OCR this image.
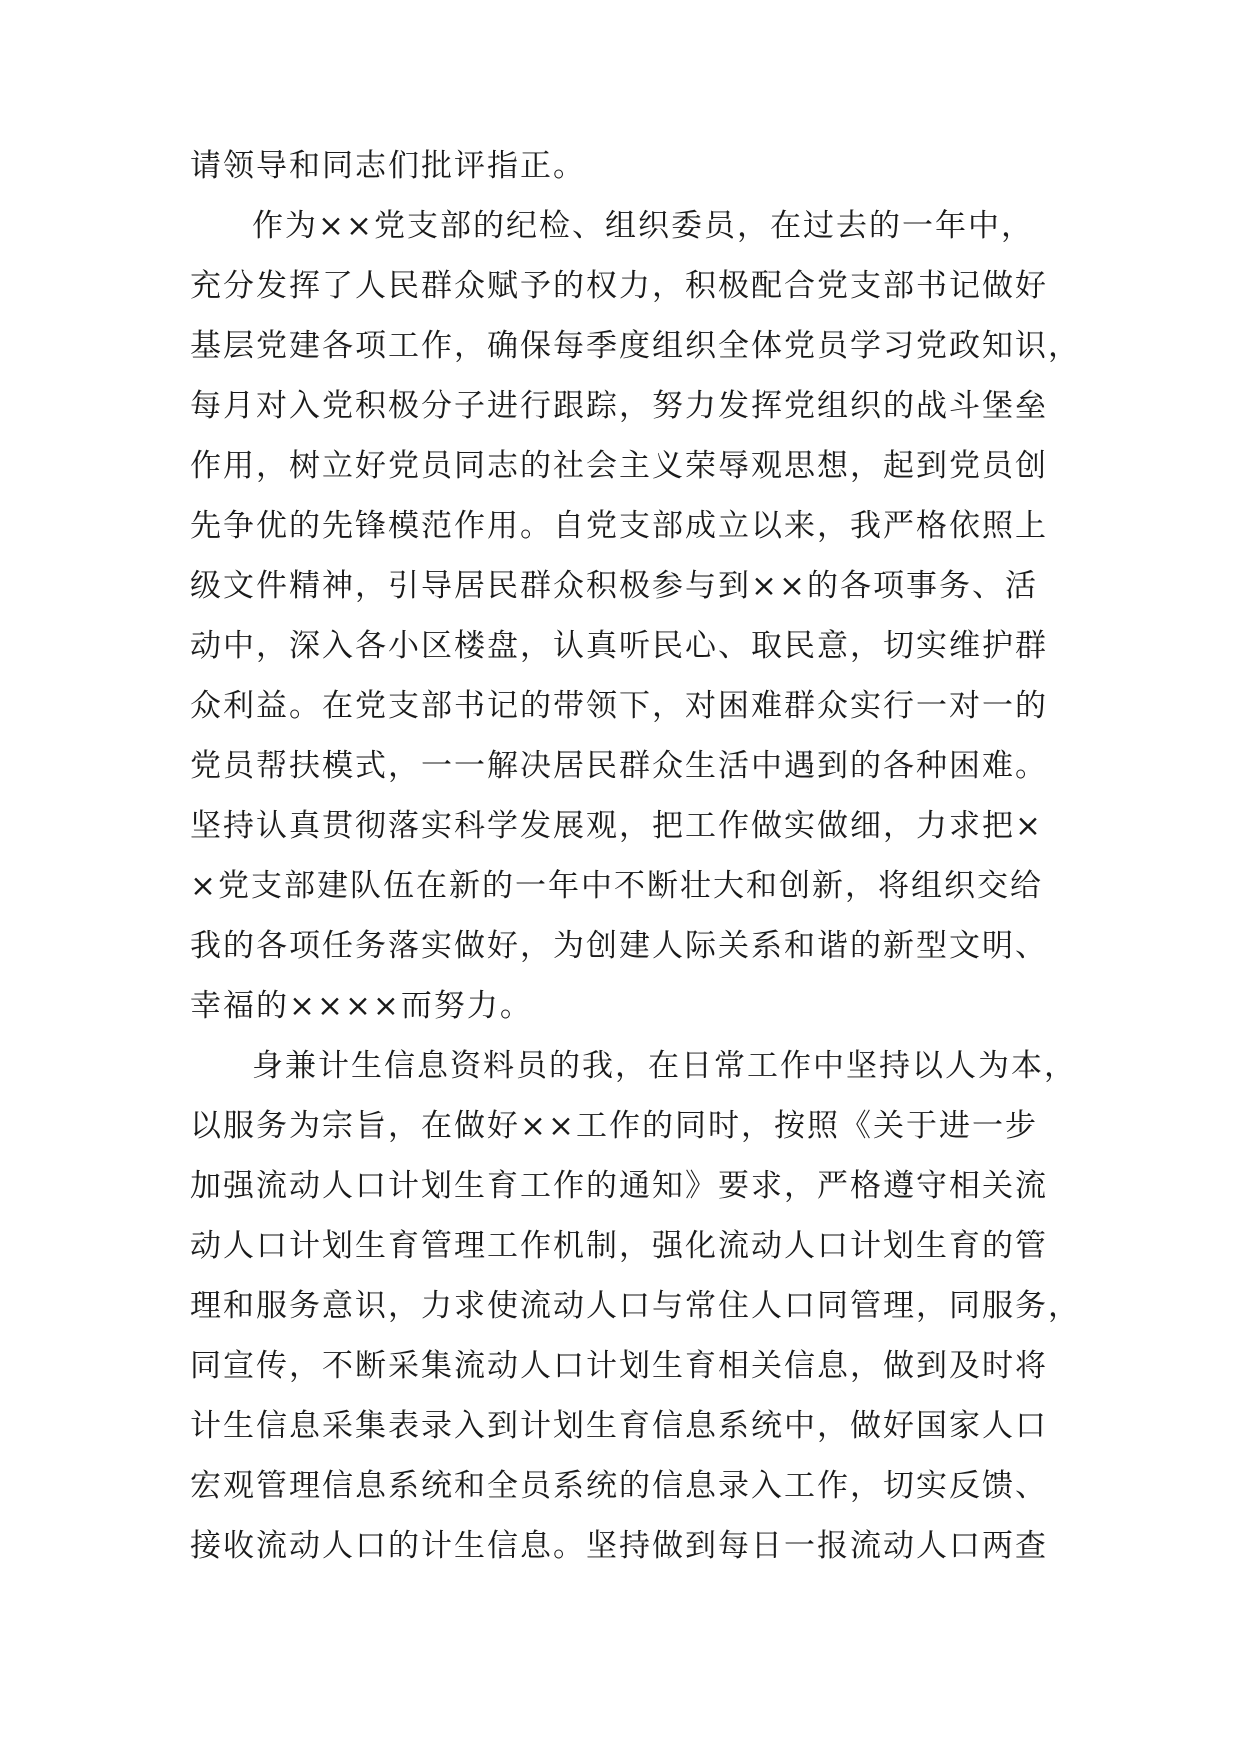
请领导和同志们批评指正。
作为××党支部的纪检、组织委员，在过去的一年中，
充分发挥了人民群众赋予的权力，积极配合党支部书记做好
基层党建各项工作，确保每季度组织全体党员学习党政知识，
每月对入党积极分子进行跟踪，努力发挥党组织的战斗堡垒
作用，树立好党员同志的社会主义荣辱观思想，起到党员创
先争优的先锋模范作用。自党支部成立以来，我严格依照上
级文件精神，引导居民群众积极参与到××的各项事务、活
动中，深入各小区楼盘，认真听民心、取民意，切实维护群
众利益。在党支部书记的带领下，对困难群众实行一对一的
党员帮扶模式，一一解决居民群众生活中遇到的各种困难。
坚持认真贯彻落实科学发展观，把工作做实做细，力求把×
×党支部建队伍在新的一年中不断壮大和创新，将组织交给
我的各项任务落实做好，为创建人际关系和谐的新型文明、
幸福的××××而努力。
身兼计生信息资料员的我，在日常工作中坚持以人为本，
以服务为宗旨，在做好××工作的同时，按照《关于进一步
加强流动人口计划生育工作的通知》要求，严格遵守相关流
动人口计划生育管理工作机制，强化流动人口计划生育的管
理和服务意识，力求使流动人口与常住人口同管理，同服务，
同宣传，不断采集流动人口计划生育相关信息，做到及时将
计生信息采集表录入到计划生育信息系统中，做好国家人口
宏观管理信息系统和全员系统的信息录入工作，切实反馈、
接收流动人口的计生信息。坚持做到每日一报流动人口两查
